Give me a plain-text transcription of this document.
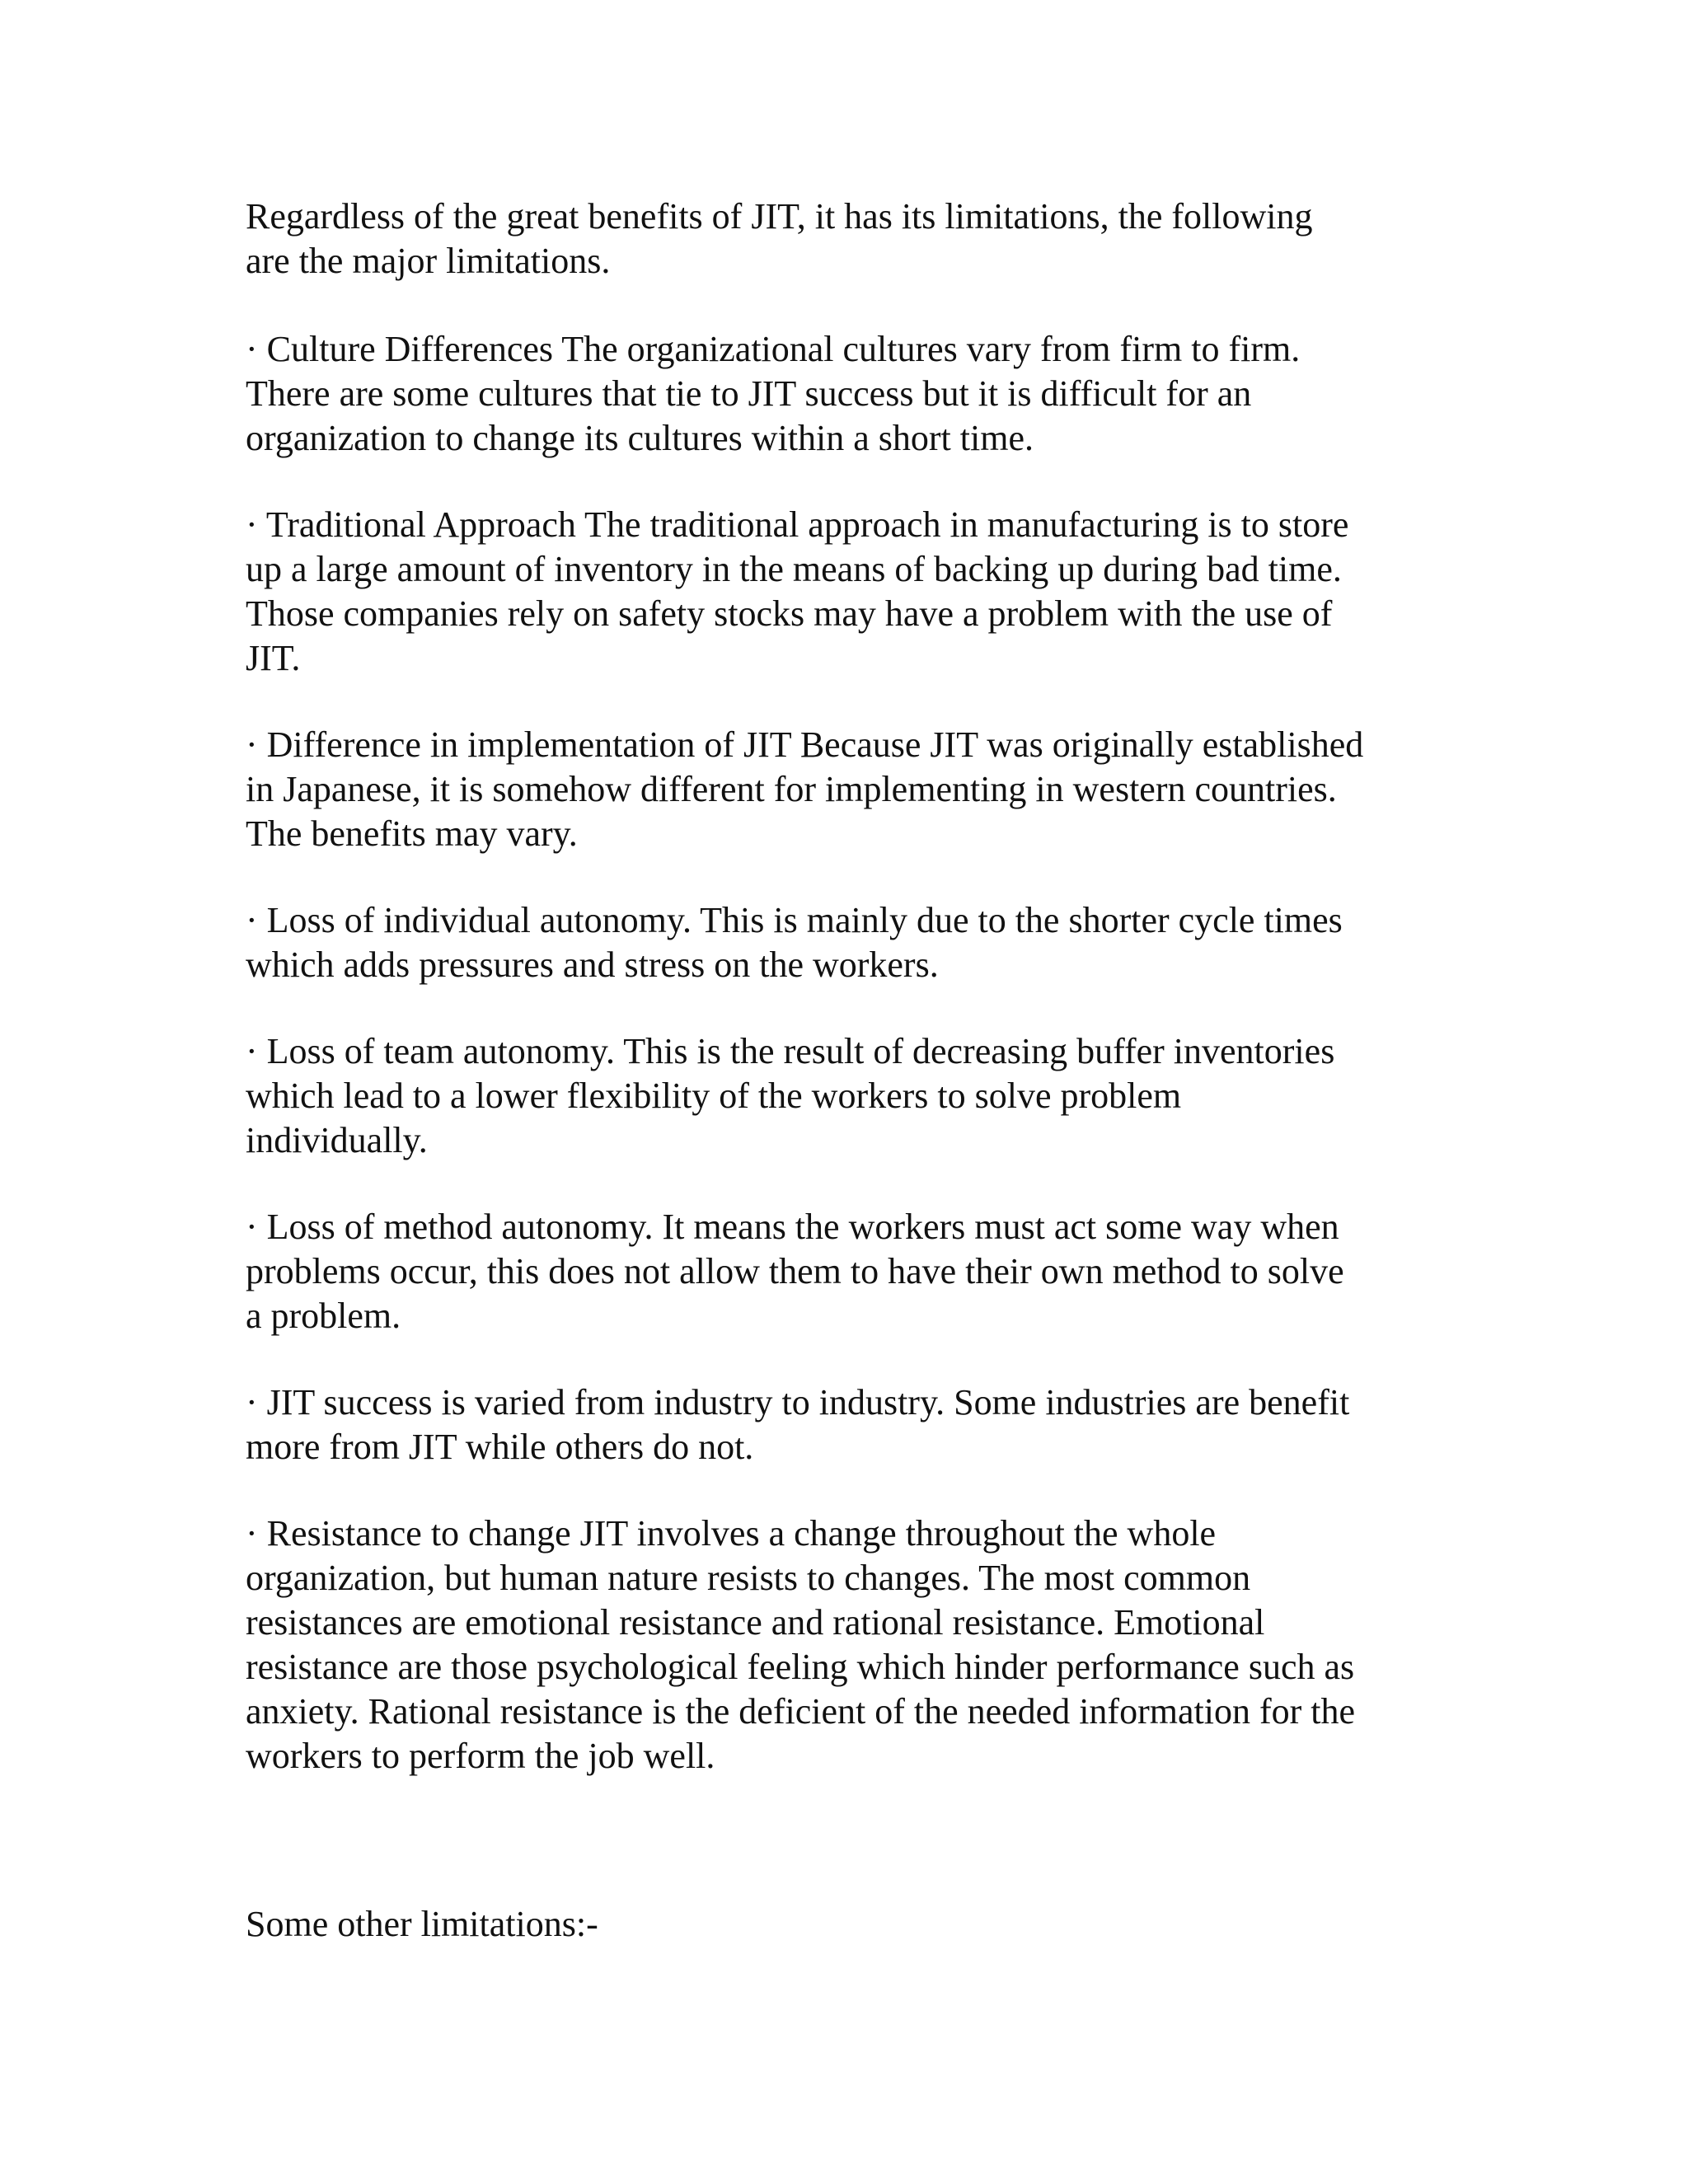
Regardless of the great benefits of JIT, it has its limitations, the following
are the major limitations.

· Culture Differences The organizational cultures vary from firm to firm.
There are some cultures that tie to JIT success but it is difficult for an
organization to change its cultures within a short time.

· Traditional Approach The traditional approach in manufacturing is to store
up a large amount of inventory in the means of backing up during bad time.
Those companies rely on safety stocks may have a problem with the use of
JIT.

· Difference in implementation of JIT Because JIT was originally established
in Japanese, it is somehow different for implementing in western countries.
The benefits may vary.

· Loss of individual autonomy. This is mainly due to the shorter cycle times
which adds pressures and stress on the workers.

· Loss of team autonomy. This is the result of decreasing buffer inventories
which lead to a lower flexibility of the workers to solve problem
individually.

· Loss of method autonomy. It means the workers must act some way when
problems occur, this does not allow them to have their own method to solve
a problem.

· JIT success is varied from industry to industry. Some industries are benefit
more from JIT while others do not.

· Resistance to change JIT involves a change throughout the whole
organization, but human nature resists to changes. The most common
resistances are emotional resistance and rational resistance. Emotional
resistance are those psychological feeling which hinder performance such as
anxiety. Rational resistance is the deficient of the needed information for the
workers to perform the job well.

Some other limitations:-
